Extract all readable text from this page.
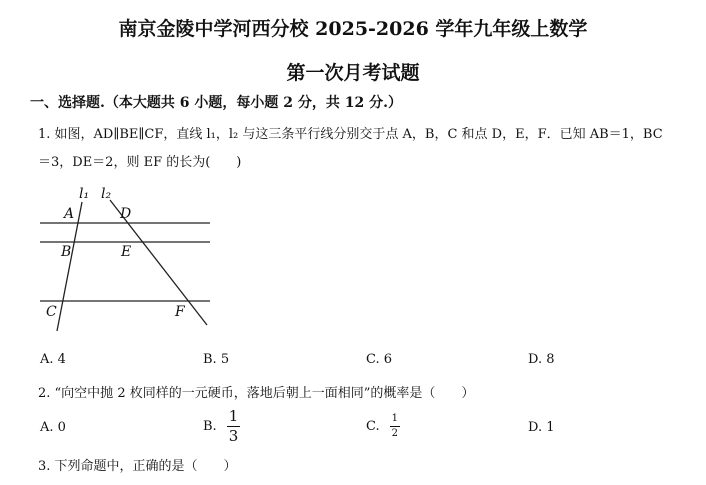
南京金陵中学河西分校 2025-2026 学年九年级上数学
第一次月考试题
一、选择题.（本大题共 6 小题，每小题 2 分，共 12 分.）
1. 如图，AD∥BE∥CF，直线 l₁，l₂ 与这三条平行线分别交于点 A，B，C 和点 D，E，F．已知 AB＝1，BC
＝3，DE＝2，则 EF 的长为(　　)
l₁ l₂
A	D
B	E
C	F
A. 4	B. 5	C. 6	D. 8
2. “向空中抛 2 枚同样的一元硬币，落地后朝上一面相同”的概率是（　　）
A. 0	B. $\frac{1}{3}$	C. $\frac{1}{2}$	D. 1
3. 下列命题中，正确的是（　　）
